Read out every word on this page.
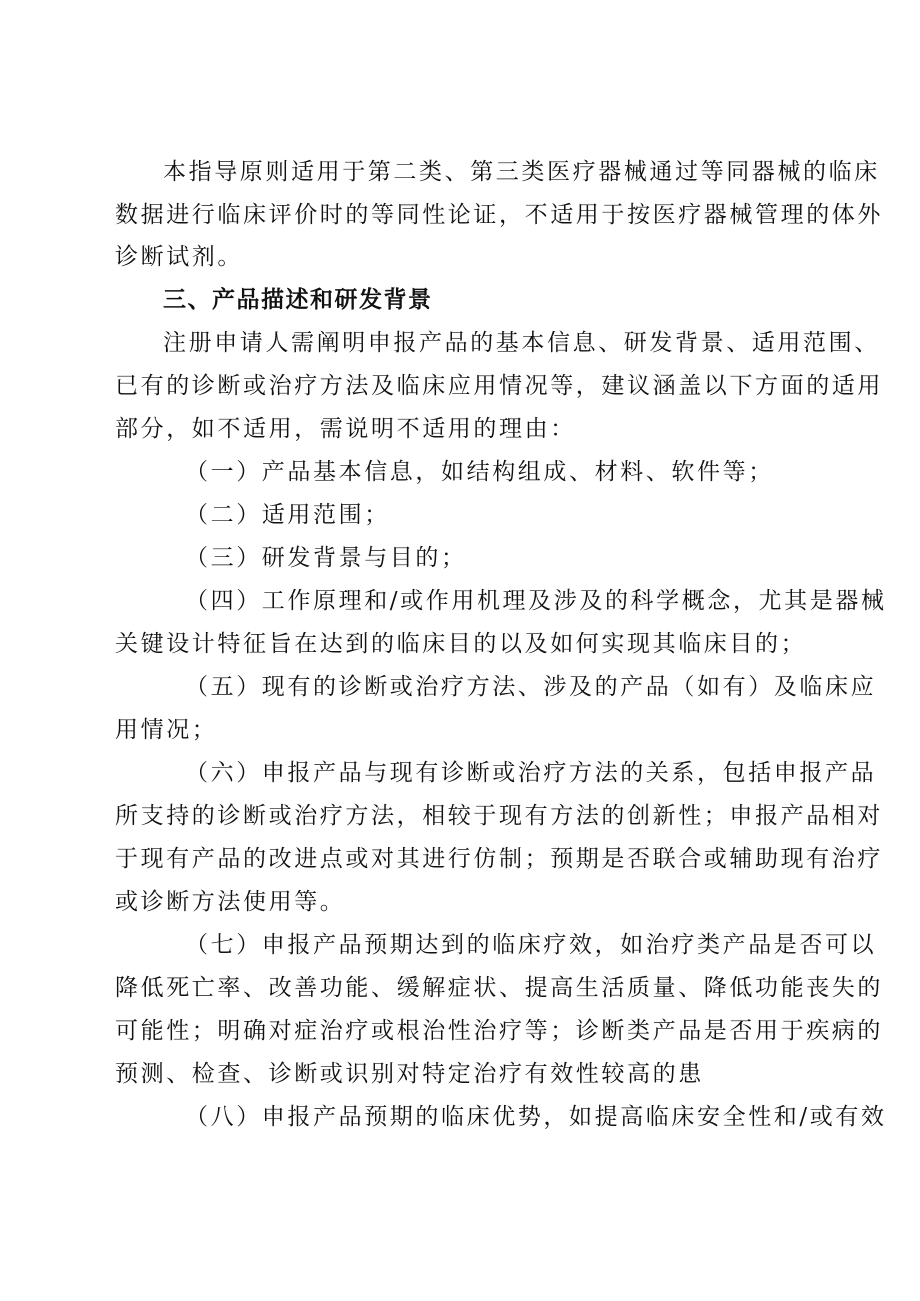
本指导原则适用于第二类、第三类医疗器械通过等同器械的临床
数据进行临床评价时的等同性论证，不适用于按医疗器械管理的体外
诊断试剂。
三、产品描述和研发背景
注册申请人需阐明申报产品的基本信息、研发背景、适用范围、
已有的诊断或治疗方法及临床应用情况等，建议涵盖以下方面的适用
部分，如不适用，需说明不适用的理由：
（一）产品基本信息，如结构组成、材料、软件等；
（二）适用范围；
（三）研发背景与目的；
（四）工作原理和/或作用机理及涉及的科学概念，尤其是器械
关键设计特征旨在达到的临床目的以及如何实现其临床目的；
（五）现有的诊断或治疗方法、涉及的产品（如有）及临床应
用情况；
（六）申报产品与现有诊断或治疗方法的关系，包括申报产品
所支持的诊断或治疗方法，相较于现有方法的创新性；申报产品相对
于现有产品的改进点或对其进行仿制；预期是否联合或辅助现有治疗
或诊断方法使用等。
（七）申报产品预期达到的临床疗效，如治疗类产品是否可以
降低死亡率、改善功能、缓解症状、提高生活质量、降低功能丧失的
可能性；明确对症治疗或根治性治疗等；诊断类产品是否用于疾病的
预测、检查、诊断或识别对特定治疗有效性较高的患
（八）申报产品预期的临床优势，如提高临床安全性和/或有效
